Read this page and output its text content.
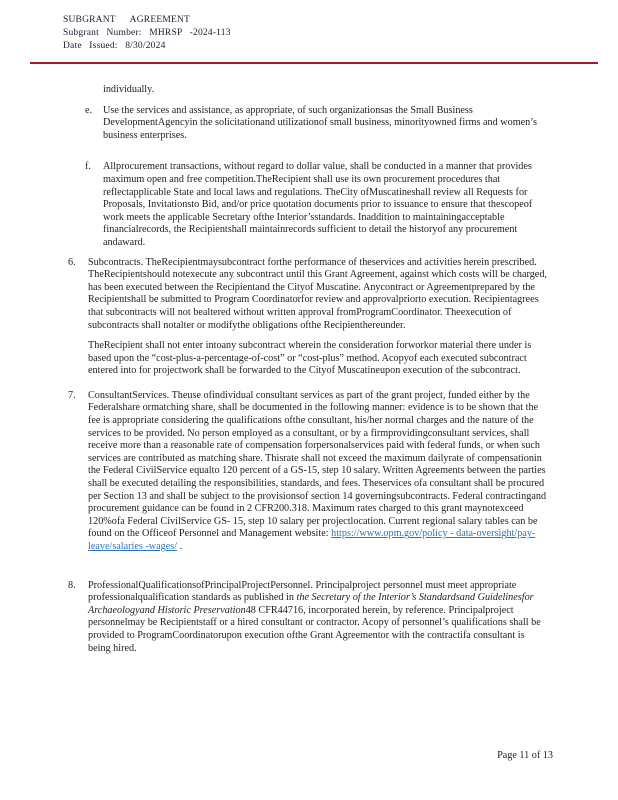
SUBGRANT AGREEMENT
Subgrant Number: MHRSP -2024-113
Date Issued: 8/30/2024

individually.

e. Use the services and assistance, as appropriate, of such organizationsas the Small Business DevelopmentAgencyin the solicitationand utilizationof small business, minorityowned firms and women’s business enterprises.
f. Allprocurement transactions, without regard to dollar value, shall be conducted in a manner that provides maximum open and free competition.TheRecipient shall use its own procurement procedures that reflectapplicable State and local laws and regulations. TheCity ofMuscatineshall review all Requests for Proposals, Invitationsto Bid, and/or price quotation documents prior to issuance to ensure that thescopeof work meets the applicable Secretary ofthe Interior’sstandards. Inaddition to maintainingacceptable financialrecords, the Recipientshall maintainrecords sufficient to detail the historyof any procurement andaward.
6. Subcontracts. TheRecipientmaysubcontract forthe performance of theservices and activities herein prescribed. TheRecipientshould notexecute any subcontract until this Grant Agreement, against which costs will be charged, has been executed between the Recipientand the Cityof Muscatine. Anycontract or Agreementprepared by the Recipientshall be submitted to Program Coordinatorfor review and approvalpriorto execution. Recipientagrees that subcontracts will not bealtered without written approval fromProgramCoordinator. Theexecution of subcontracts shall notalter or modifythe obligations ofthe Recipienthereunder.

TheRecipient shall not enter intoany subcontract wherein the consideration forworkor material there under is based upon the “cost-plus-a-percentage-of-cost” or “cost-plus” method. Acopyof each executed subcontract entered into for projectwork shall be forwarded to the Cityof Muscatineupon execution of the subcontract.

7. ConsultantServices. Theuse ofindividual consultant services as part of the grant project, funded either by the Federalshare ormatching share, shall be documented in the following manner: evidence is to be shown that the fee is appropriate considering the qualifications ofthe consultant, his/her normal charges and the nature of the services to be provided. No person employed as a consultant, or by a firmprovidingconsultant services, shall receive more than a reasonable rate of compensation forpersonalservices paid with federal funds, or when such services are contributed as matching share. Thisrate shall not exceed the maximum dailyrate of compensationin the Federal CivilService equalto 120 percent of a GS-15, step 10 salary. Written Agreements between the parties shall be executed detailing the responsibilities, standards, and fees. Theservices ofa consultant shall be procured per Section 13 and shall be subject to the provisionsof section 14 governingsubcontracts. Federal contractingand procurement guidance can be found in 2 CFR200.318. Maximum rates charged to this grant maynotexceed 120%ofa Federal CivilService GS- 15, step 10 salary per projectlocation. Current regional salary tables can be found on the Officeof Personnel and Management website: https://www.opm.gov/policy - data-oversight/pay-leave/salaries -wages/ .
8. ProfessionalQualificationsofPrincipalProjectPersonnel. Principalproject personnel must meet appropriate professionalqualification standards as published in the Secretary of the Interior’s Standardsand Guidelinesfor Archaeologyand Historic Preservation48 CFR44716, incorporated herein, by reference. Principalproject personnelmay be Recipientstaff or a hired consultant or contractor. Acopy of personnel’s qualifications shall be provided to ProgramCoordinatorupon execution ofthe Grant Agreementor with the contractifa consultant is being hired.
Page 11 of 13
